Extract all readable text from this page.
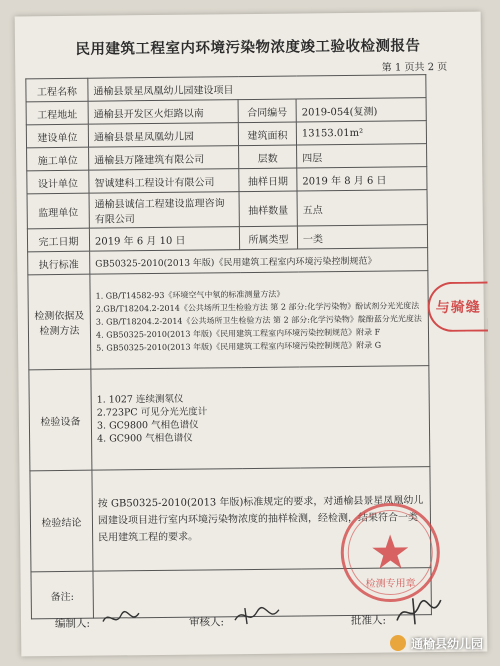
民用建筑工程室内环境污染物浓度竣工验收检测报告
第 1 页共 2 页
工程名称	通榆县景星凤凰幼儿园建设项目		
工程地址	通榆县开发区火炬路以南	合同编号	2019-054(复测)
建设单位	通榆县景星凤凰幼儿园	建筑面积	13153.01m²
施工单位	通榆县万隆建筑有限公司	层数	四层
设计单位	智诚建科工程设计有限公司	抽样日期	2019 年 8 月 6 日
监理单位	通榆县诚信工程建设监理咨询有限公司	抽样数量	五点
完工日期	2019 年 6 月 10 日	所属类型	一类
执行标准	GB50325-2010(2013 年版)《民用建筑工程室内环境污染控制规范》		
检测依据及检测方法	1. GB/T14582-93《环境空气中氡的标准测量方法》
2.GB/T18204.2-2014《公共场所卫生检验方法 第 2 部分:化学污染物》酚试剂分光光度法
3. GB/T18204.2-2014《公共场所卫生检验方法 第 2 部分:化学污染物》靛酚蓝分光光度法
4. GB50325-2010(2013 年版)《民用建筑工程室内环境污染控制规范》附录 F
5. GB50325-2010(2013 年版)《民用建筑工程室内环境污染控制规范》附录 G		

检验设备	1. 1027 连续测氡仪
2.723PC 可见分光光度计
3. GC9800 气相色谱仪
4. GC900 气相色谱仪		

检验结论	按 GB50325-2010(2013 年版)标准规定的要求，对通榆县景星凤凰幼儿园建设项目进行室内环境污染物浓度的抽样检测，经检测，结果符合一类民用建筑工程的要求。		
备注:			
与骑缝
检测专用章
编制人:	审核人:	批准人:
通榆县幼儿园
